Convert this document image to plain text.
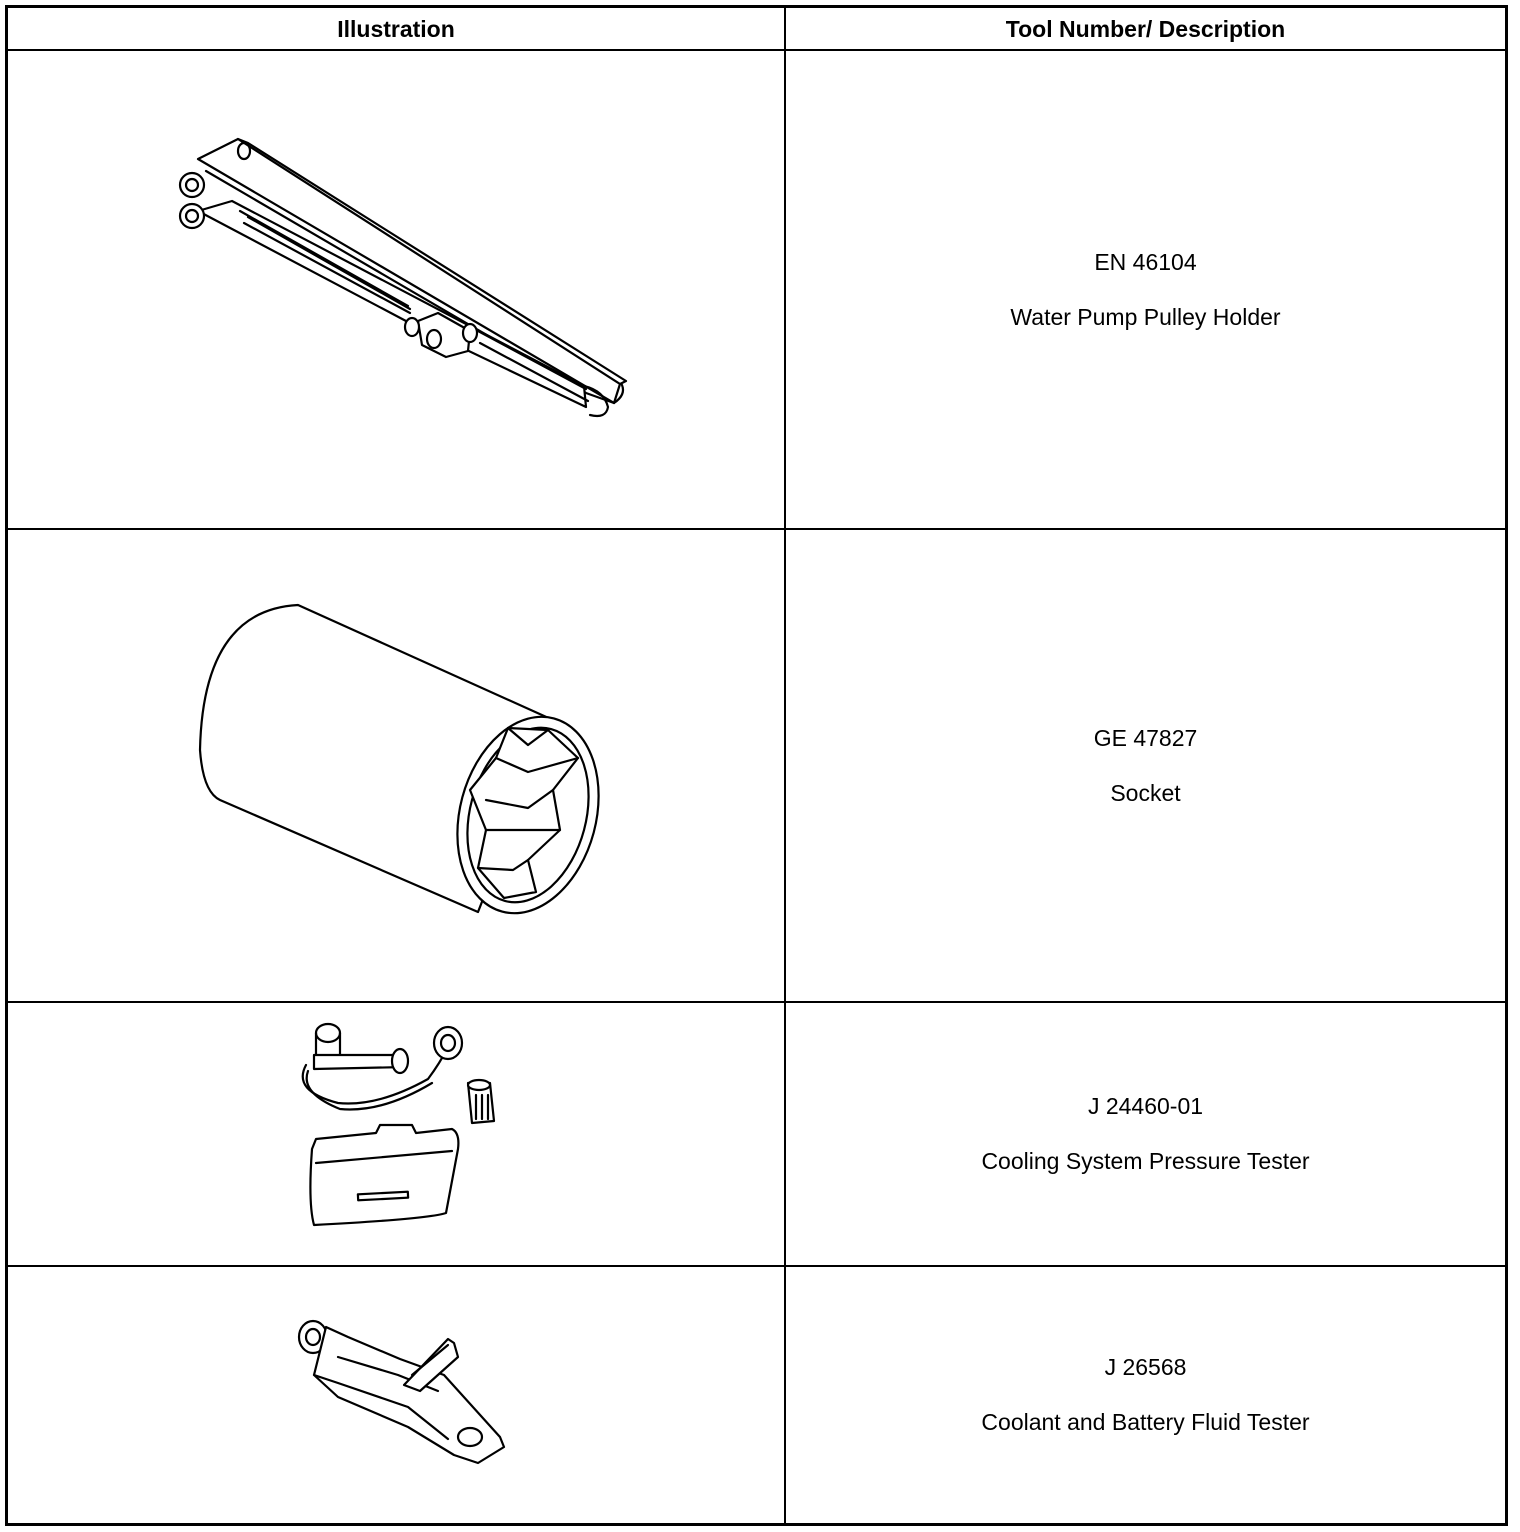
Illustration	Tool Number/ Description
EN 46104
Water Pump Pulley Holder
GE 47827
Socket
J 24460-01
Cooling System Pressure Tester
J 26568
Coolant and Battery Fluid Tester
